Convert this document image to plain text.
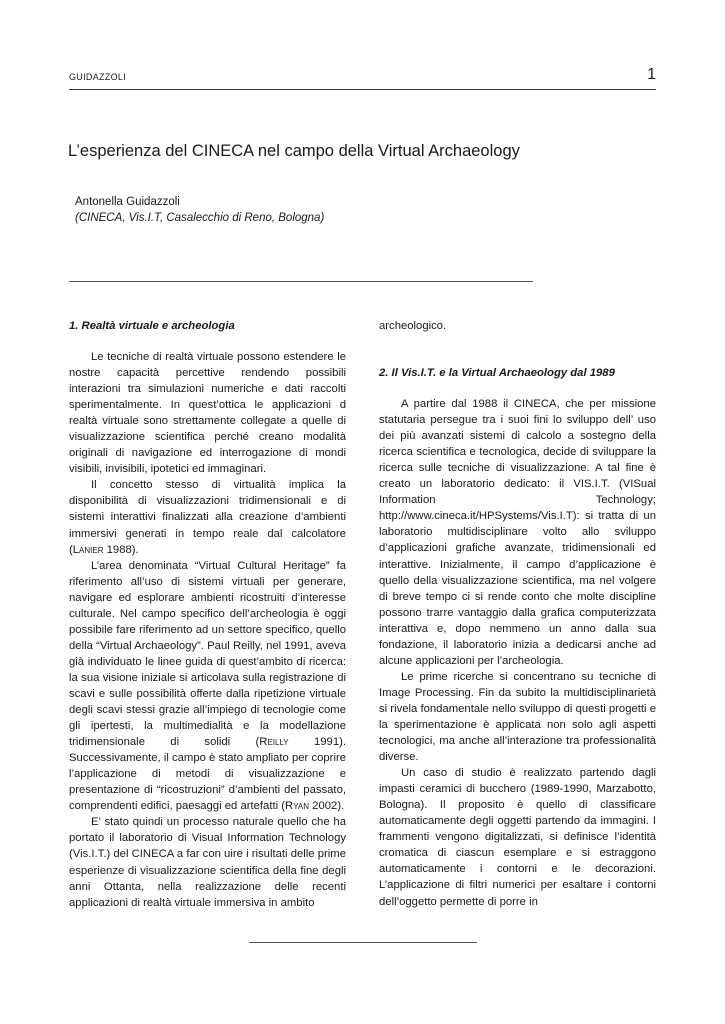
GUIDAZZOLI	1
L’esperienza del CINECA nel campo della Virtual Archaeology
Antonella Guidazzoli
(CINECA, Vis.I.T, Casalecchio di Reno, Bologna)
1. Realtà virtuale e archeologia

Le tecniche di realtà virtuale possono estendere le nostre capacità percettive rendendo possibili interazioni tra simulazioni numeriche e dati raccolti sperimentalmente. In quest’ottica le applicazioni d realtà virtuale sono strettamente collegate a quelle di visualizzazione scientifica perché creano modalità originali di navigazione ed interrogazione di mondi visibili, invisibili, ipotetici ed immaginari.

Il concetto stesso di virtualità implica la disponibilità di visualizzazioni tridimensionali e di sistemi interattivi finalizzati alla creazione d’ambienti immersivi generati in tempo reale dal calcolatore (Lanier 1988).

L’area denominata “Virtual Cultural Heritage” fa riferimento all’uso di sistemi virtuali per generare, navigare ed esplorare ambienti ricostruiti d’interesse culturale. Nel campo specifico dell’archeologia è oggi possibile fare riferimento ad un settore specifico, quello della “Virtual Archaeology”. Paul Reilly, nel 1991, aveva già individuato le linee guida di quest’ambito di ricerca: la sua visione iniziale si articolava sulla registrazione di scavi e sulle possibilità offerte dalla ripetizione virtuale degli scavi stessi grazie all’impiego di tecnologie come gli ipertesti, la multimedialità e la modellazione tridimensionale di solidi (Reilly 1991). Successivamente, il campo è stato ampliato per coprire l’applicazione di metodi di visualizzazione e presentazione di “ricostruzioni” d’ambienti del passato, comprendenti edifici, paesaggi ed artefatti (Ryan 2002).

E’ stato quindi un processo naturale quello che ha portato il laboratorio di Visual Information Technology (Vis.I.T.) del CINECA a far con uire i risultati delle prime esperienze di visualizzazione scientifica della fine degli anni Ottanta, nella realizzazione delle recenti applicazioni di realtà virtuale immersiva in ambito

archeologico.

2. Il Vis.I.T. e la Virtual Archaeology dal 1989

A partire dal 1988 il CINECA, che per missione statutaria persegue tra i suoi fini lo sviluppo dell’ uso dei più avanzati sistemi di calcolo a sostegno della ricerca scientifica e tecnologica, decide di sviluppare la ricerca sulle tecniche di visualizzazione. A tal fine è creato un laboratorio dedicato: il VIS.I.T. (VISual Information Technology; http://www.cineca.it/HPSystems/Vis.I.T): si tratta di un laboratorio multidisciplinare volto allo sviluppo d’applicazioni grafiche avanzate, tridimensionali ed interattive. Inizialmente, il campo d’applicazione è quello della visualizzazione scientifica, ma nel volgere di breve tempo ci si rende conto che molte discipline possono trarre vantaggio dalla grafica computerizzata interattiva e, dopo nemmeno un anno dalla sua fondazione, il laboratorio inizia a dedicarsi anche ad alcune applicazioni per l’archeologia.

Le prime ricerche si concentrano su tecniche di Image Processing. Fin da subito la multidisciplinarietà si rivela fondamentale nello sviluppo di questi progetti e la sperimentazione è applicata non solo agli aspetti tecnologici, ma anche all’interazione tra professionalità diverse.

Un caso di studio è realizzato partendo dagli impasti ceramici di bucchero (1989-1990, Marzabotto, Bologna). Il proposito è quello di classificare automaticamente degli oggetti partendo da immagini. I frammenti vengono digitalizzati, si definisce l’identità cromatica di ciascun esemplare e si estraggono automaticamente i contorni e le decorazioni. L’applicazione di filtri numerici per esaltare i contorni dell’oggetto permette di porre in
